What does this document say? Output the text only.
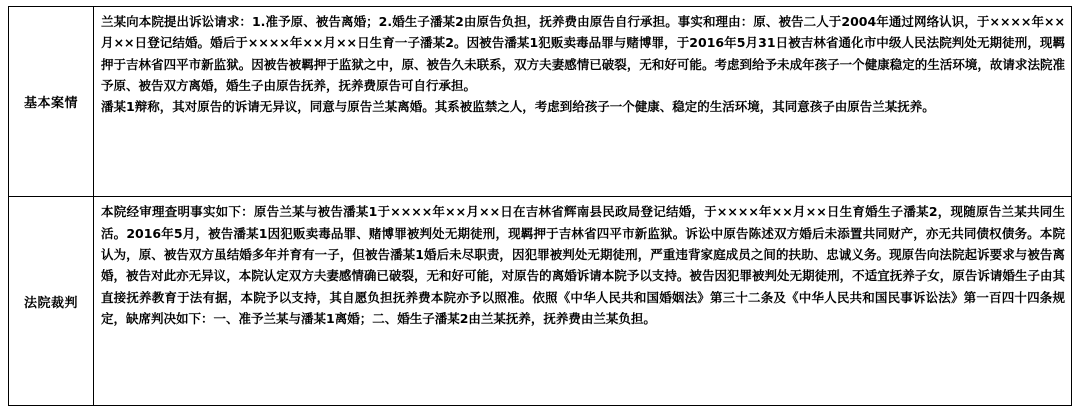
基本案情	兰某向本院提出诉讼请求：1.准予原、被告离婚；2.婚生子潘某2由原告负担，抚养费由原告自行承担。事实和理由：原、被告二人于2004年通过网络认识，于××××年××月××日登记结婚。婚后于××××年××月××日生育一子潘某2。因被告潘某1犯贩卖毒品罪与赌博罪，于2016年5月31日被吉林省通化市中级人民法院判处无期徒刑，现羁押于吉林省四平市新监狱。因被告被羁押于监狱之中，原、被告久未联系，双方夫妻感情已破裂，无和好可能。考虑到给予未成年孩子一个健康稳定的生活环境，故请求法院准予原、被告双方离婚，婚生子由原告抚养，抚养费原告可自行承担。

潘某1辩称，其对原告的诉请无异议，同意与原告兰某离婚。其系被监禁之人，考虑到给孩子一个健康、稳定的生活环境，其同意孩子由原告兰某抚养。

法院裁判	本院经审理查明事实如下：原告兰某与被告潘某1于××××年××月××日在吉林省辉南县民政局登记结婚，于××××年××月××日生育婚生子潘某2，现随原告兰某共同生活。2016年5月，被告潘某1因犯贩卖毒品罪、赌博罪被判处无期徒刑，现羁押于吉林省四平市新监狱。诉讼中原告陈述双方婚后未添置共同财产，亦无共同债权债务。本院认为，原、被告双方虽结婚多年并育有一子，但被告潘某1婚后未尽职责，因犯罪被判处无期徒刑，严重违背家庭成员之间的扶助、忠诚义务。现原告向法院起诉要求与被告离婚，被告对此亦无异议，本院认定双方夫妻感情确已破裂，无和好可能，对原告的离婚诉请本院予以支持。被告因犯罪被判处无期徒刑，不适宜抚养子女，原告诉请婚生子由其直接抚养教育于法有据，本院予以支持，其自愿负担抚养费本院亦予以照准。依照《中华人民共和国婚姻法》第三十二条及《中华人民共和国民事诉讼法》第一百四十四条规定，缺席判决如下：一、准予兰某与潘某1离婚；二、婚生子潘某2由兰某抚养，抚养费由兰某负担。
